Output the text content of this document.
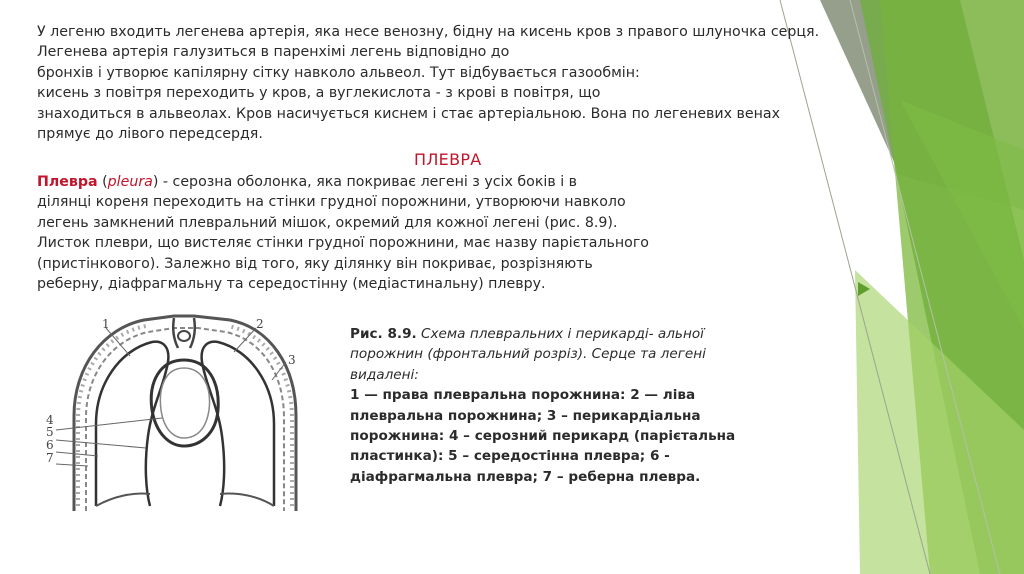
У легеню входить легенева артерія, яка несе венозну, бідну на кисень кров з правого шлуночка серця.
Легенева артерія галузиться в паренхімі легень відповідно до
бронхів і утворює капілярну сітку навколо альвеол. Тут відбувається газообмін:
кисень з повітря переходить у кров, а вуглекислота - з крові в повітря, що
знаходиться в альвеолах. Кров насичується киснем і стає артеріальною. Вона по легеневих венах
прямує до лівого передсердя.

ПЛЕВРА

Плевра (pleura) - серозна оболонка, яка покриває легені з усіх боків і в
ділянці кореня переходить на стінки грудної порожнини, утворюючи навколо
легень замкнений плевральний мішок, окремий для кожної легені (рис. 8.9).
Листок плеври, що вистеляє стінки грудної порожнини, має назву парієтального
(пристінкового). Залежно від того, яку ділянку він покриває, розрізняють
реберну, діафрагмальну та середостінну (медіастинальну) плевру.

1	2
3
4
5
6
7

Рис. 8.9. Схема плевральних і перикарді- альної
порожнин (фронтальний розріз). Серце та легені
видалені:
1 — права плевральна порожнина: 2 — ліва
плевральна порожнина; 3 – перикардіальна
порожнина: 4 – серозний перикард (парієтальна
пластинка): 5 – середостінна плевра; 6 -
діафрагмальна плевра; 7 – реберна плевра.
